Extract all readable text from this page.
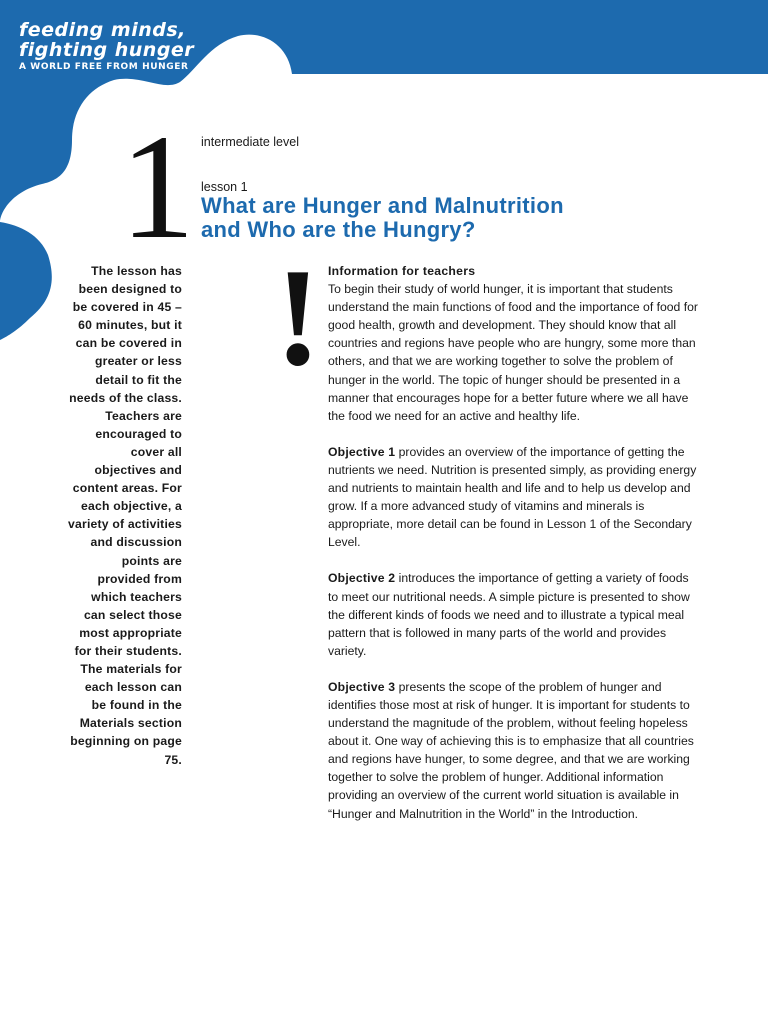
feeding minds,
fighting hunger
A WORLD FREE FROM HUNGER
1 intermediate level
lesson 1
What are Hunger and Malnutrition
and Who are the Hungry?
!
The lesson has been designed to be covered in 45 – 60 minutes, but it can be covered in greater or less detail to fit the needs of the class. Teachers are encouraged to cover all objectives and content areas. For each objective, a variety of activities and discussion points are provided from which teachers can select those most appropriate for their students. The materials for each lesson can be found in the Materials section beginning on page 75.
Information for teachers

To begin their study of world hunger, it is important that students understand the main functions of food and the importance of food for good health, growth and development. They should know that all countries and regions have people who are hungry, some more than others, and that we are working together to solve the problem of hunger in the world. The topic of hunger should be presented in a manner that encourages hope for a better future where we all have the food we need for an active and healthy life.

Objective 1 provides an overview of the importance of getting the nutrients we need. Nutrition is presented simply, as providing energy and nutrients to maintain health and life and to help us develop and grow. If a more advanced study of vitamins and minerals is appropriate, more detail can be found in Lesson 1 of the Secondary Level.

Objective 2 introduces the importance of getting a variety of foods to meet our nutritional needs. A simple picture is presented to show the different kinds of foods we need and to illustrate a typical meal pattern that is followed in many parts of the world and provides variety.

Objective 3 presents the scope of the problem of hunger and identifies those most at risk of hunger. It is important for students to understand the magnitude of the problem, without feeling hopeless about it. One way of achieving this is to emphasize that all countries and regions have hunger, to some degree, and that we are working together to solve the problem of hunger. Additional information providing an overview of the current world situation is available in “Hunger and Malnutrition in the World” in the Introduction.
